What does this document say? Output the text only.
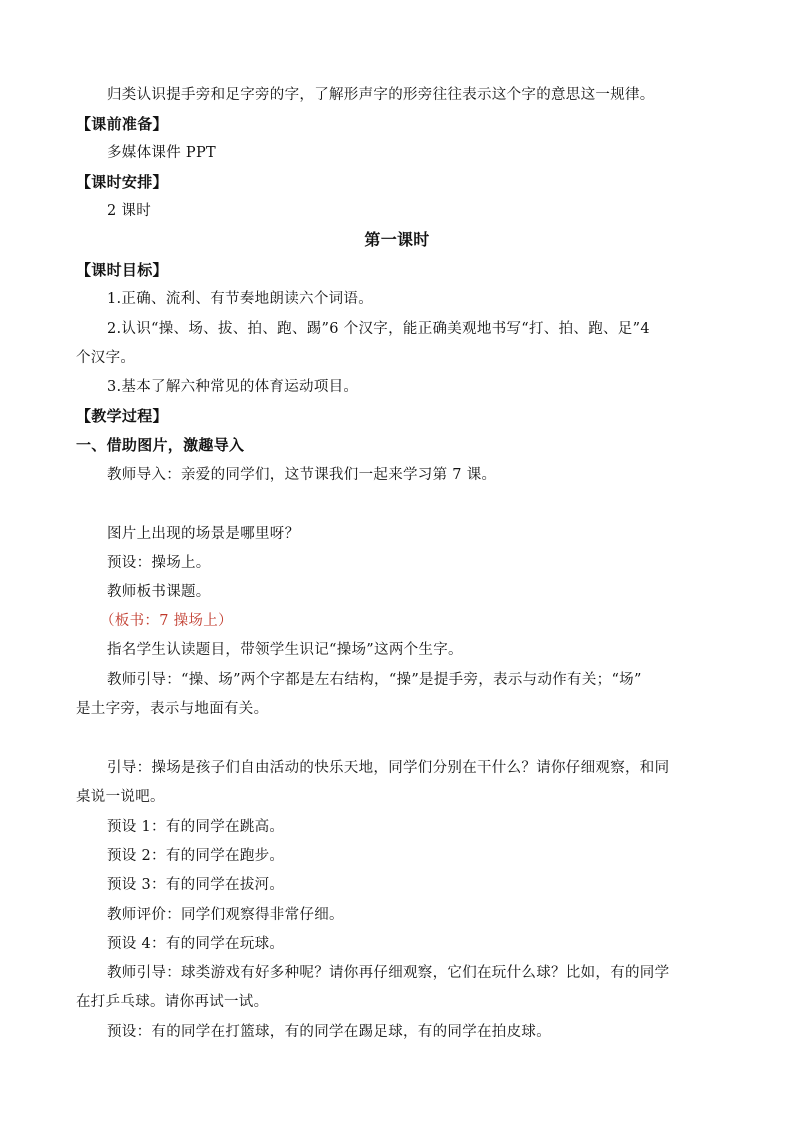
归类认识提手旁和足字旁的字，了解形声字的形旁往往表示这个字的意思这一规律。
【课前准备】
多媒体课件 PPT
【课时安排】
2 课时
第一课时
【课时目标】
1.正确、流利、有节奏地朗读六个词语。
2.认识“操、场、拔、拍、跑、踢”6 个汉字，能正确美观地书写“打、拍、跑、足”4
个汉字。
3.基本了解六种常见的体育运动项目。
【教学过程】
一、借助图片，激趣导入
教师导入：亲爱的同学们，这节课我们一起来学习第 7 课。
图片上出现的场景是哪里呀？
预设：操场上。
教师板书课题。
（板书：7 操场上）
指名学生认读题目，带领学生识记“操场”这两个生字。
教师引导：“操、场”两个字都是左右结构，“操”是提手旁，表示与动作有关；“场”
是土字旁，表示与地面有关。
引导：操场是孩子们自由活动的快乐天地，同学们分别在干什么？请你仔细观察，和同
桌说一说吧。
预设 1：有的同学在跳高。
预设 2：有的同学在跑步。
预设 3：有的同学在拔河。
教师评价：同学们观察得非常仔细。
预设 4：有的同学在玩球。
教师引导：球类游戏有好多种呢？请你再仔细观察，它们在玩什么球？比如，有的同学
在打乒乓球。请你再试一试。
预设：有的同学在打篮球，有的同学在踢足球，有的同学在拍皮球。
